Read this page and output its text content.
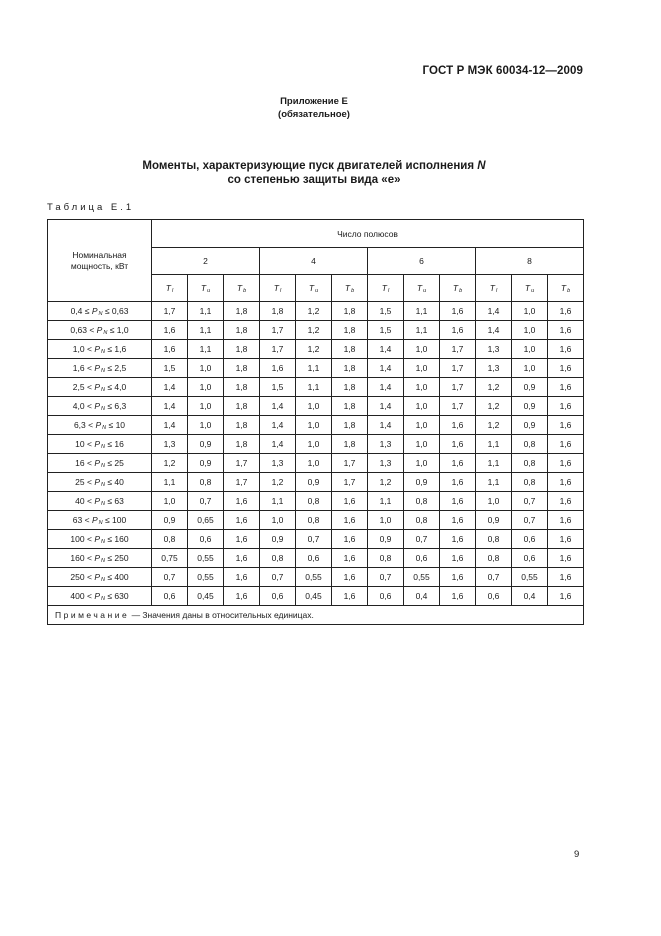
ГОСТ Р МЭК 60034-12—2009
Приложение Е
(обязательное)
Моменты, характеризующие пуск двигателей исполнения N
со степенью защиты вида «е»
Таблица Е.1
Номинальная
мощность, кВт	Число полюсов											
	2			4			6			8		
	Tl	Tu	Tb	Tl	Tu	Tb	Tl	Tu	Tb	Tl	Tu	Tb
0,4 ≤ PN ≤ 0,63	1,7	1,1	1,8	1,8	1,2	1,8	1,5	1,1	1,6	1,4	1,0	1,6
0,63 < PN ≤ 1,0	1,6	1,1	1,8	1,7	1,2	1,8	1,5	1,1	1,6	1,4	1,0	1,6
1,0 < PN ≤ 1,6	1,6	1,1	1,8	1,7	1,2	1,8	1,4	1,0	1,7	1,3	1,0	1,6
1,6 < PN ≤ 2,5	1,5	1,0	1,8	1,6	1,1	1,8	1,4	1,0	1,7	1,3	1,0	1,6
2,5 < PN ≤ 4,0	1,4	1,0	1,8	1,5	1,1	1,8	1,4	1,0	1,7	1,2	0,9	1,6
4,0 < PN ≤ 6,3	1,4	1,0	1,8	1,4	1,0	1,8	1,4	1,0	1,7	1,2	0,9	1,6
6,3 < PN ≤ 10	1,4	1,0	1,8	1,4	1,0	1,8	1,4	1,0	1,6	1,2	0,9	1,6
10 < PN ≤ 16	1,3	0,9	1,8	1,4	1,0	1,8	1,3	1,0	1,6	1,1	0,8	1,6
16 < PN ≤ 25	1,2	0,9	1,7	1,3	1,0	1,7	1,3	1,0	1,6	1,1	0,8	1,6
25 < PN ≤ 40	1,1	0,8	1,7	1,2	0,9	1,7	1,2	0,9	1,6	1,1	0,8	1,6
40 < PN ≤ 63	1,0	0,7	1,6	1,1	0,8	1,6	1,1	0,8	1,6	1,0	0,7	1,6
63 < PN ≤ 100	0,9	0,65	1,6	1,0	0,8	1,6	1,0	0,8	1,6	0,9	0,7	1,6
100 < PN ≤ 160	0,8	0,6	1,6	0,9	0,7	1,6	0,9	0,7	1,6	0,8	0,6	1,6
160 < PN ≤ 250	0,75	0,55	1,6	0,8	0,6	1,6	0,8	0,6	1,6	0,8	0,6	1,6
250 < PN ≤ 400	0,7	0,55	1,6	0,7	0,55	1,6	0,7	0,55	1,6	0,7	0,55	1,6
400 < PN ≤ 630	0,6	0,45	1,6	0,6	0,45	1,6	0,6	0,4	1,6	0,6	0,4	1,6
Примечание — Значения даны в относительных единицах.												
9
